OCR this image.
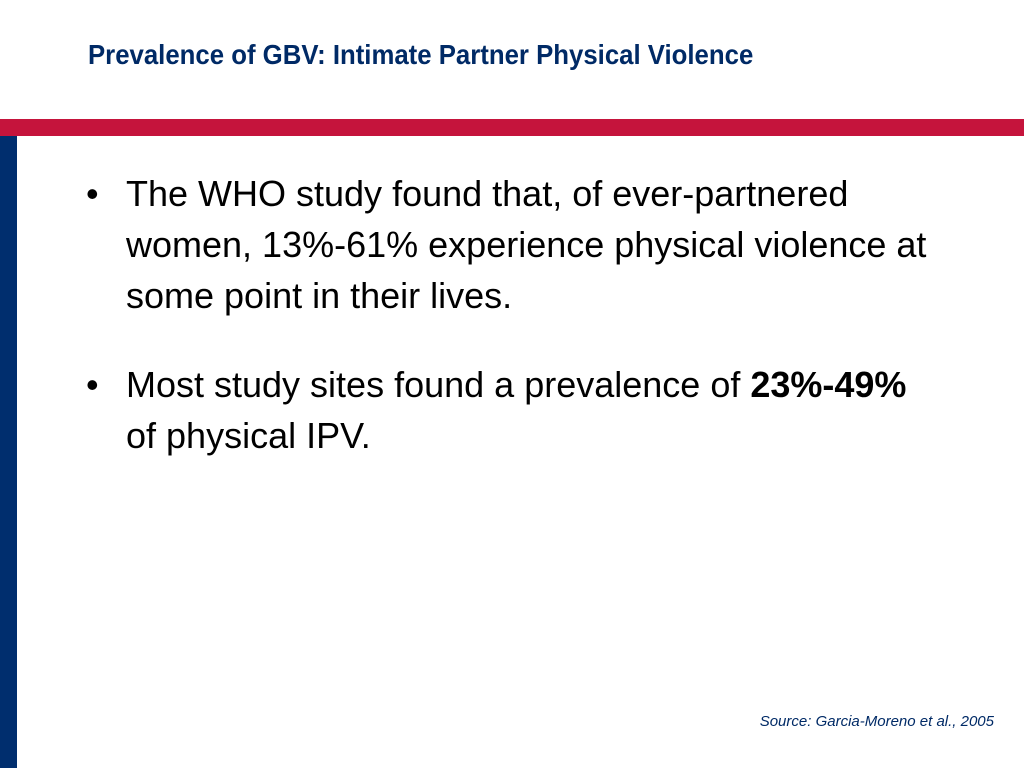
Prevalence of GBV: Intimate Partner Physical Violence
• The WHO study found that, of ever-partnered women, 13%-61% experience physical violence at some point in their lives.
• Most study sites found a prevalence of 23%-49% of physical IPV.
Source: Garcia-Moreno et al., 2005
